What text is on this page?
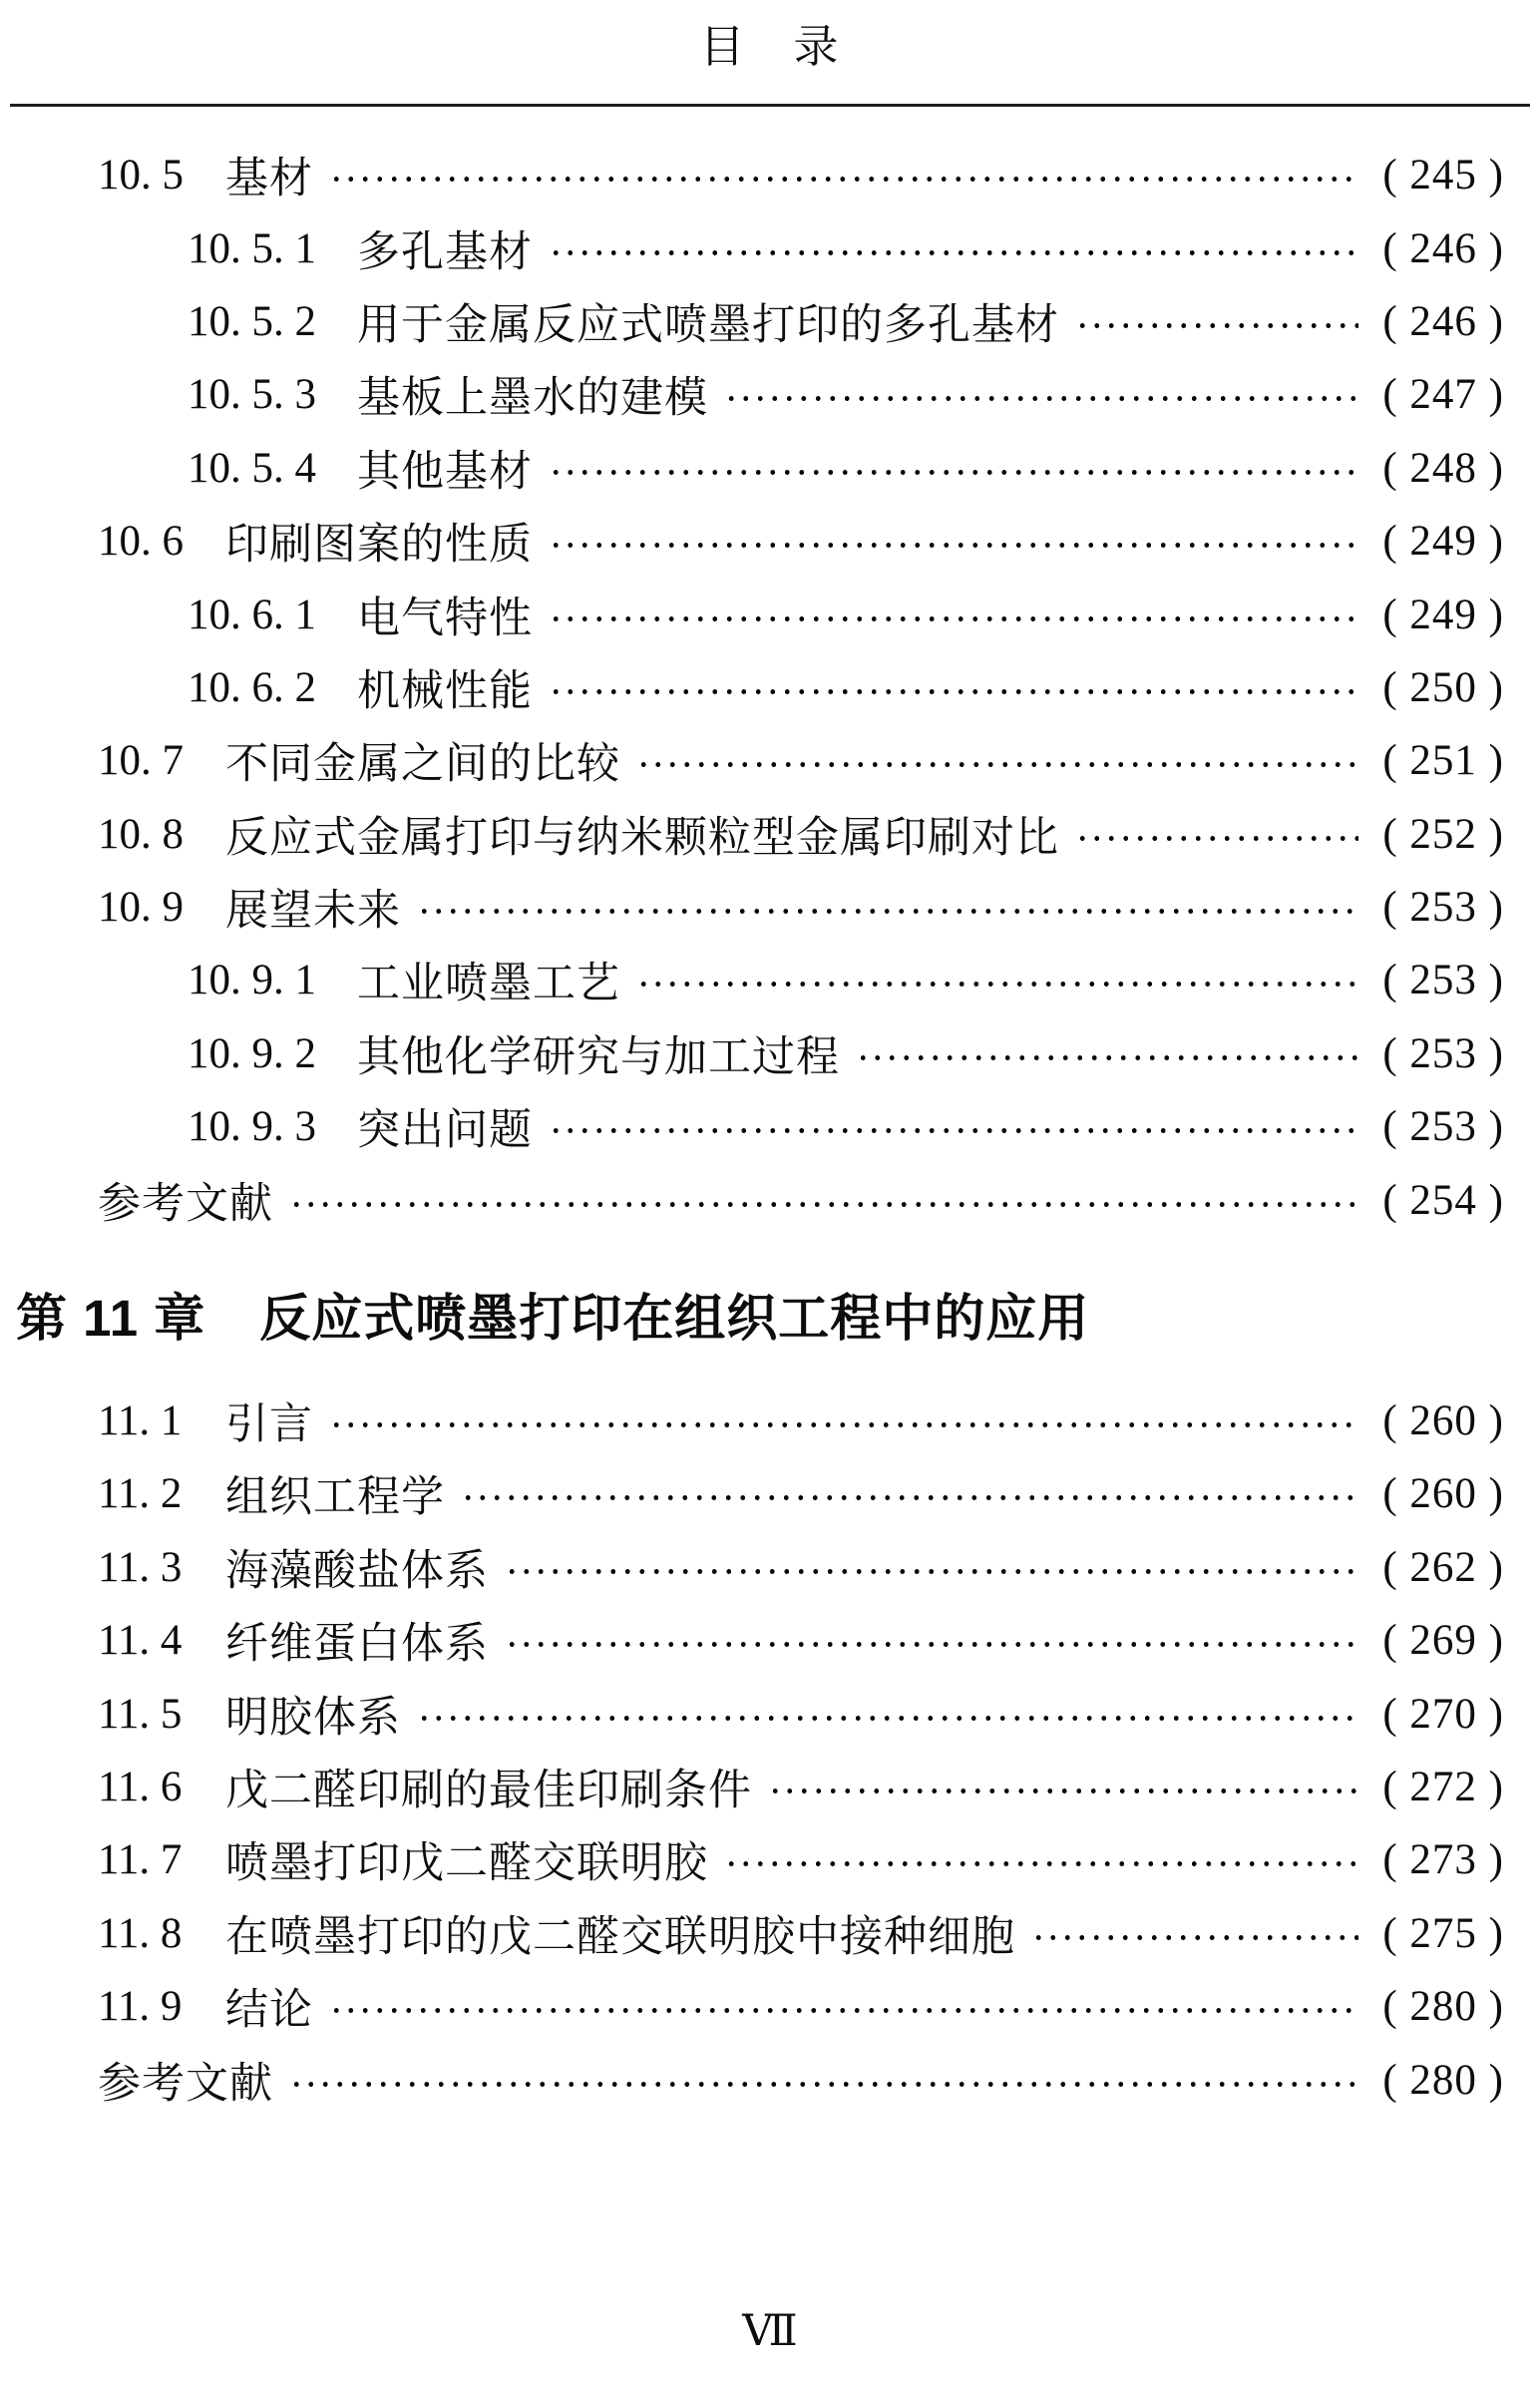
目　录
10. 5 基材	( 245 )
10. 5. 1 多孔基材	( 246 )
10. 5. 2 用于金属反应式喷墨打印的多孔基材	( 246 )
10. 5. 3 基板上墨水的建模	( 247 )
10. 5. 4 其他基材	( 248 )
10. 6 印刷图案的性质	( 249 )
10. 6. 1 电气特性	( 249 )
10. 6. 2 机械性能	( 250 )
10. 7 不同金属之间的比较	( 251 )
10. 8 反应式金属打印与纳米颗粒型金属印刷对比	( 252 )
10. 9 展望未来	( 253 )
10. 9. 1 工业喷墨工艺	( 253 )
10. 9. 2 其他化学研究与加工过程	( 253 )
10. 9. 3 突出问题	( 253 )
参考文献	( 254 )
第 11 章 反应式喷墨打印在组织工程中的应用
11. 1	引言	( 260 )
11. 2	组织工程学	( 260 )
11. 3	海藻酸盐体系	( 262 )
11. 4	纤维蛋白体系	( 269 )
11. 5	明胶体系	( 270 )
11. 6	戊二醛印刷的最佳印刷条件	( 272 )
11. 7	喷墨打印戊二醛交联明胶	( 273 )
11. 8	在喷墨打印的戊二醛交联明胶中接种细胞	( 275 )
11. 9	结论	( 280 )
参考文献	( 280 )
Ⅶ
